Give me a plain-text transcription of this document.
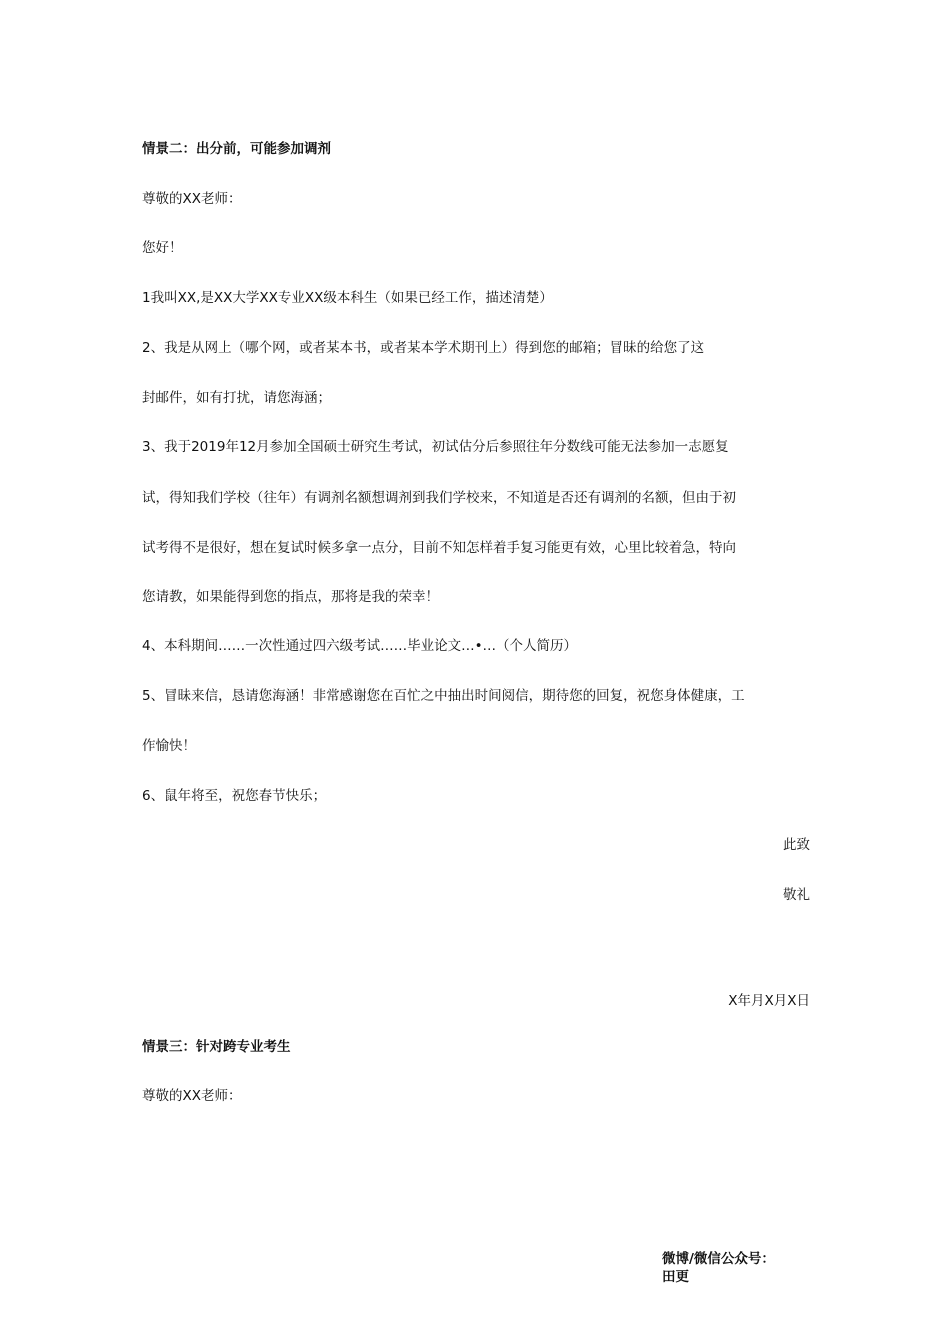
情景二：出分前，可能参加调剂
尊敬的XX老师：
您好！
1我叫XX,是XX大学XX专业XX级本科生（如果已经工作，描述清楚）
2、我是从网上（哪个网，或者某本书，或者某本学术期刊上）得到您的邮箱；冒昧的给您了这
封邮件，如有打扰，请您海涵；
3、我于2019年12月参加全国硕士研究生考试，初试估分后参照往年分数线可能无法参加一志愿复
试，得知我们学校（往年）有调剂名额想调剂到我们学校来，不知道是否还有调剂的名额，但由于初
试考得不是很好，想在复试时候多拿一点分，目前不知怎样着手复习能更有效，心里比较着急，特向
您请教，如果能得到您的指点，那将是我的荣幸！
4、本科期间……一次性通过四六级考试……毕业论文…•…（个人简历）
5、冒昧来信，恳请您海涵！非常感谢您在百忙之中抽出时间阅信，期待您的回复，祝您身体健康，工
作愉快！
6、鼠年将至，祝您春节快乐；
此致
敬礼
X年月X月X日
情景三：针对跨专业考生
尊敬的XX老师：
微博/微信公众号：
田更
